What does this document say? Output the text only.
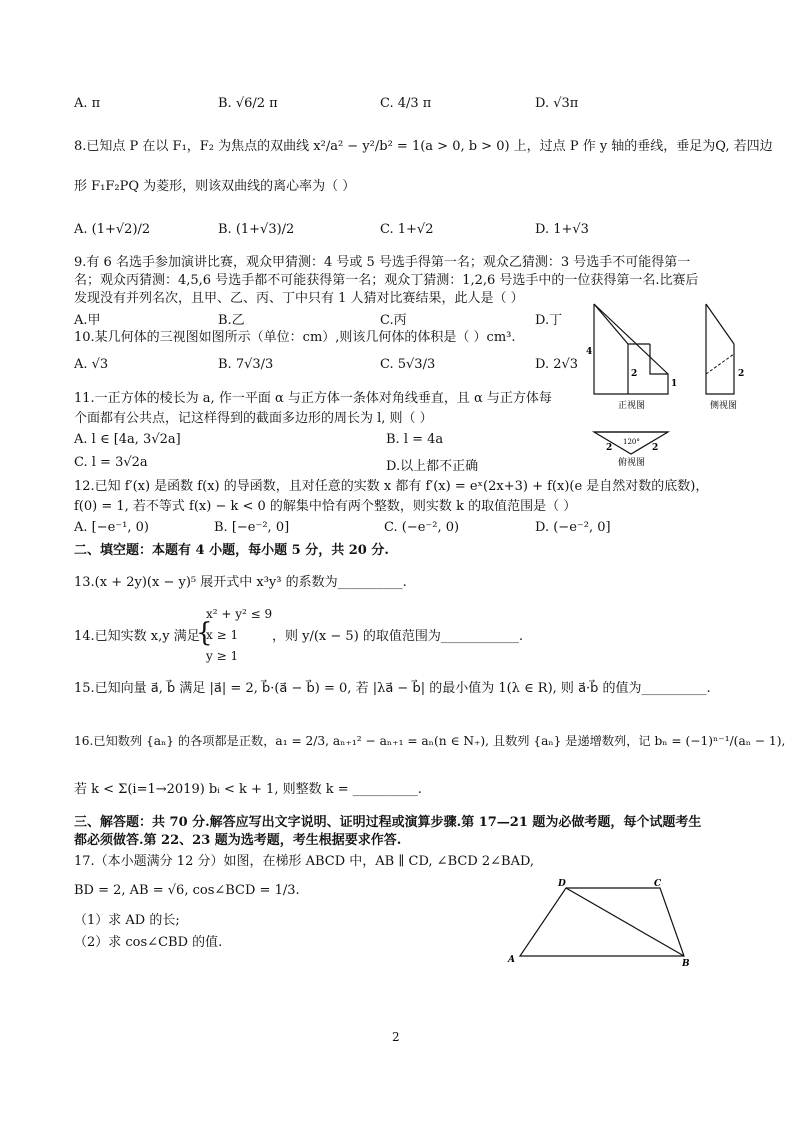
A. π	B. √6/2 π	C. 4/3 π	D. √3π
8.已知点 P 在以 F₁，F₂ 为焦点的双曲线 x²/a² − y²/b² = 1(a > 0, b > 0) 上，过点 P 作 y 轴的垂线，垂足为Q, 若四边
形 F₁F₂PQ 为菱形，则该双曲线的离心率为（ ）
A. (1+√2)/2	B. (1+√3)/2	C. 1+√2	D. 1+√3
9.有 6 名选手参加演讲比赛，观众甲猜测：4 号或 5 号选手得第一名；观众乙猜测：3 号选手不可能得第一
名；观众丙猜测：4,5,6 号选手都不可能获得第一名；观众丁猜测：1,2,6 号选手中的一位获得第一名.比赛后
发现没有并列名次，且甲、乙、丙、丁中只有 1 人猜对比赛结果，此人是（ ）
A.甲	B.乙	C.丙	D.丁
10.某几何体的三视图如图所示（单位：cm）,则该几何体的体积是（ ）cm³.
A. √3	B. 7√3/3	C. 5√3/3	D. 2√3
11.一正方体的棱长为 a, 作一平面 α 与正方体一条体对角线垂直，且 α 与正方体每
个面都有公共点，记这样得到的截面多边形的周长为 l, 则（ ）
A. l ∈ [4a, 3√2a]	B. l = 4a
C. l = 3√2a	D.以上都不正确
12.已知 f′(x) 是函数 f(x) 的导函数，且对任意的实数 x 都有 f′(x) = eˣ(2x+3) + f(x)(e 是自然对数的底数)，
f(0) = 1, 若不等式 f(x) − k < 0 的解集中恰有两个整数，则实数 k 的取值范围是（ ）
A. [−e⁻¹, 0)	B. [−e⁻², 0]	C. (−e⁻², 0)	D. (−e⁻², 0]
二、填空题：本题有 4 小题，每小题 5 分，共 20 分.
13.(x + 2y)(x − y)⁵ 展开式中 x³y³ 的系数为__________.
14.已知实数 x,y 满足
{
x² + y² ≤ 9
x ≥ 1
y ≥ 1
，则 y/(x − 5) 的取值范围为____________.
15.已知向量 a⃗, b⃗ 满足 |a⃗| = 2, b⃗·(a⃗ − b⃗) = 0, 若 |λa⃗ − b⃗| 的最小值为 1(λ ∈ R), 则 a⃗·b⃗ 的值为__________.
16.已知数列 {aₙ} 的各项都是正数，a₁ = 2/3, aₙ₊₁² − aₙ₊₁ = aₙ(n ∈ N₊), 且数列 {aₙ} 是递增数列，记 bₙ = (−1)ⁿ⁻¹/(aₙ − 1),
若 k < Σ(i=1→2019) bᵢ < k + 1, 则整数 k = __________.
三、解答题：共 70 分.解答应写出文字说明、证明过程或演算步骤.第 17—21 题为必做考题，每个试题考生
都必须做答.第 22、23 题为选考题，考生根据要求作答.
17.（本小题满分 12 分）如图，在梯形 ABCD 中，AB ∥ CD, ∠BCD 2∠BAD,
BD = 2, AB = √6, cos∠BCD = 1/3.
（1）求 AD 的长;
（2）求 cos∠CBD 的值.
4
2
1
正视图
2
侧视图
2	2
120°
俯视图
D	C
A	B
2
